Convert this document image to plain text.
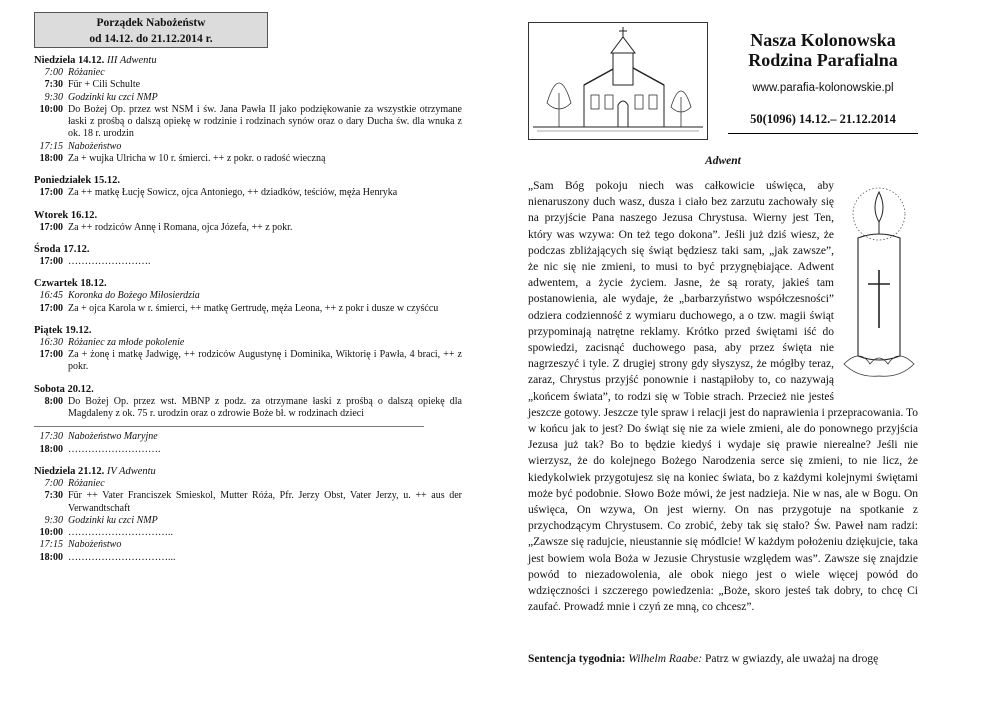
Porządek Nabożeństw
od 14.12. do 21.12.2014 r.
Niedziela 14.12. III Adwentu
7:00 Różaniec
7:30 Für + Cili Schulte
9:30 Godzinki ku czci NMP
10:00 Do Bożej Op. przez wst NSM i św. Jana Pawła II jako podziękowanie za wszystkie otrzymane łaski z prośbą o dalszą opiekę w rodzinie i rodzinach synów oraz o dary Ducha św. dla wnuka z ok. 18 r. urodzin
17:15 Nabożeństwo
18:00 Za + wujka Ulricha w 10 r. śmierci. ++ z pokr. o radość wieczną
Poniedziałek 15.12.
17:00 Za ++ matkę Łucję Sowicz, ojca Antoniego, ++ dziadków, teściów, męża Henryka
Wtorek 16.12.
17:00 Za ++ rodziców Annę i Romana, ojca Józefa, ++ z pokr.
Środa 17.12.
17:00 …………………….
Czwartek 18.12.
16:45 Koronka do Bożego Miłosierdzia
17:00 Za + ojca Karola w r. śmierci, ++ matkę Gertrudę, męża Leona, ++ z pokr i dusze w czyśćcu
Piątek 19.12.
16:30 Różaniec za młode pokolenie
17:00 Za + żonę i matkę Jadwigę, ++ rodziców Augustynę i Dominika, Wiktorię i Pawła, 4 braci, ++ z pokr.
Sobota 20.12.
8:00 Do Bożej Op. przez wst. MBNP z podz. za otrzymane łaski z prośbą o dalszą opiekę dla Magdaleny z ok. 75 r. urodzin oraz o zdrowie Boże bł. w rodzinach dzieci
17:30 Nabożeństwo Maryjne
18:00 ……………………….
Niedziela 21.12. IV Adwentu
7:00 Różaniec
7:30 Für ++ Vater Franciszek Smieskol, Mutter Róża, Pfr. Jerzy Obst, Vater Jerzy, u. ++ aus der Verwandtschaft
9:30 Godzinki ku czci NMP
10:00 …………………………..
17:15 Nabożeństwo
18:00 …………………………...
Nasza Kolonowska
Rodzina Parafialna
www.parafia-kolonowskie.pl
50(1096) 14.12.– 21.12.2014
Adwent
„Sam Bóg pokoju niech was całkowicie uświęca, aby nienaruszony duch wasz, dusza i ciało bez zarzutu zachowały się na przyjście Pana naszego Jezusa Chrystusa. Wierny jest Ten, który was wzywa: On też tego dokona”. Jeśli już dziś wiesz, że podczas zbliżających się świąt będziesz taki sam, „jak zawsze”, że nic się nie zmieni, to musi to być przygnębiające. Adwent adwentem, a życie życiem. Jasne, że są roraty, jakieś tam postanowienia, ale wydaje, że „barbarzyństwo współczesności” odziera codzienność z wymiaru duchowego, a o tzw. magii świąt przypominają natrętne reklamy. Krótko przed świętami iść do spowiedzi, zacisnąć duchowego pasa, aby przez święta nie nagrzeszyć i tyle. Z drugiej strony gdy słyszysz, że mógłby teraz, zaraz, Chrystus przyjść ponownie i nastąpiłoby to, co nazywają „końcem świata”, to rodzi się w Tobie strach. Przecież nie jesteś jeszcze gotowy. Jeszcze tyle spraw i relacji jest do naprawienia i przepracowania. To w końcu jak to jest? Do świąt się nie za wiele zmieni, ale do ponownego przyjścia Jezusa już tak? Bo to będzie kiedyś i wydaje się prawie nierealne? Jeśli nie wierzysz, że do kolejnego Bożego Narodzenia serce się zmieni, to nie licz, że kiedykolwiek przygotujesz się na koniec świata, bo z każdymi kolejnymi świętami może być podobnie. Słowo Boże mówi, że jest nadzieja. Nie w nas, ale w Bogu. On uświęca, On wzywa, On jest wierny. On nas przygotuje na spotkanie z przychodzącym Chrystusem. Co zrobić, żeby tak się stało? Św. Paweł nam radzi: „Zawsze się radujcie, nieustannie się módlcie! W każdym położeniu dziękujcie, taka jest bowiem wola Boża w Jezusie Chrystusie względem was”. Zawsze się znajdzie powód to niezadowolenia, ale obok niego jest o wiele więcej powód do wdzięczności i szczerego powiedzenia: „Boże, skoro jesteś tak dobry, to chcę Ci zaufać. Prowadź mnie i czyń ze mną, co chcesz”.
Sentencja tygodnia: Wilhelm Raabe: Patrz w gwiazdy, ale uważaj na drogę
